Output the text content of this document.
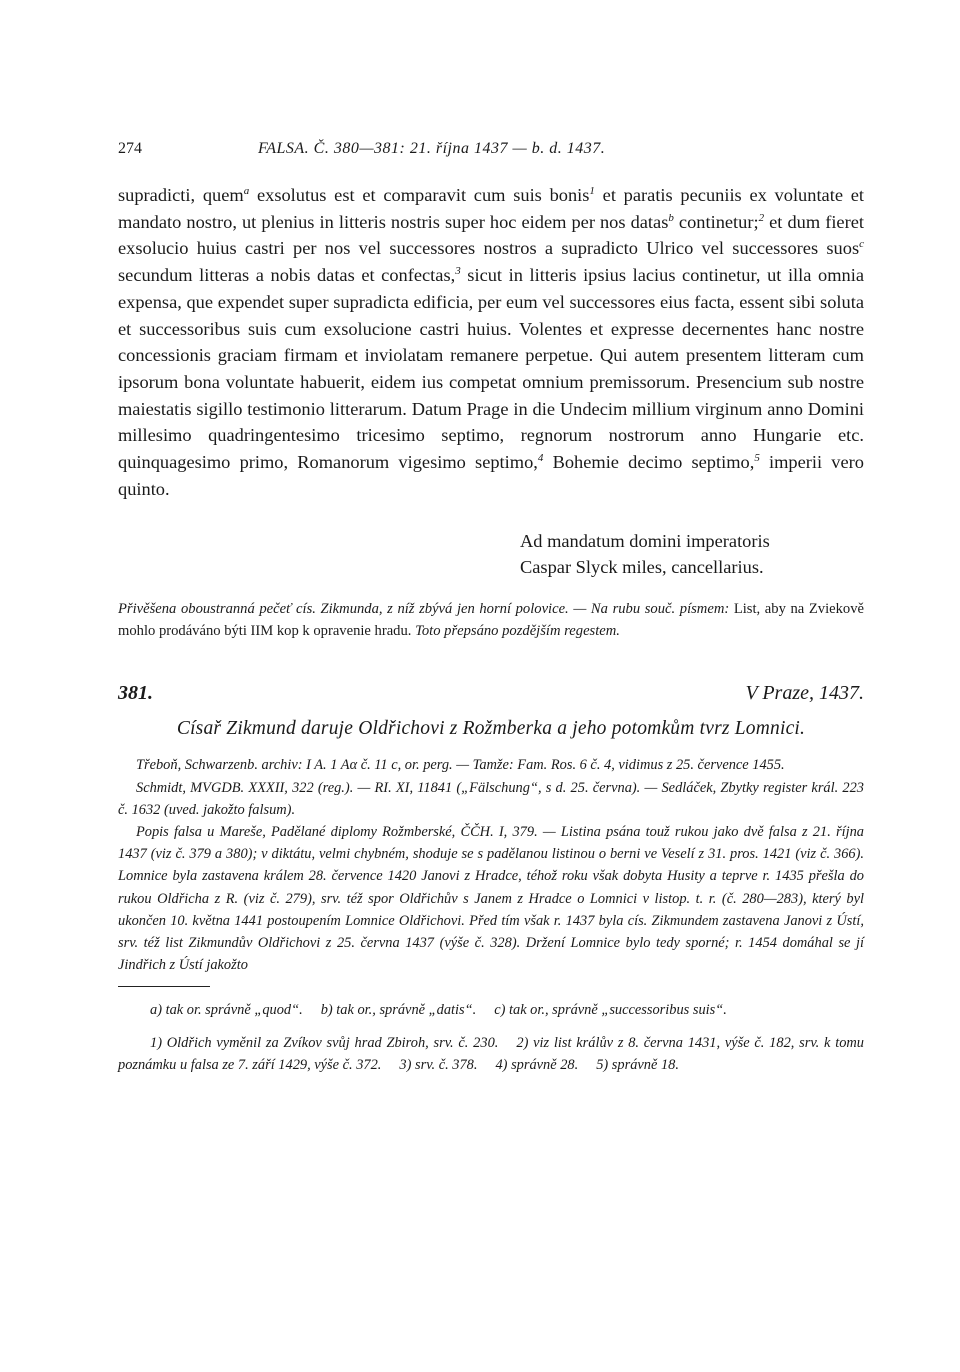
274	FALSA. Č. 380—381: 21. října 1437 — b. d. 1437.

supradicti, quem$^a$ exsolutus est et comparavit cum suis bonis$^1$ et paratis pecuniis ex voluntate et mandato nostro, ut plenius in litteris nostris super hoc eidem per nos datas$^b$ continetur;$^2$ et dum fieret exsolucio huius castri per nos vel successores nostros a supradicto Ulrico vel successores suos$^c$ secundum litteras a nobis datas et confectas,$^3$ sicut in litteris ipsius lacius continetur, ut illa omnia expensa, que expendet super supradicta edificia, per eum vel successores eius facta, essent sibi soluta et successoribus suis cum exsolucione castri huius. Volentes et expresse decernentes hanc nostre concessionis graciam firmam et inviolatam remanere perpetue. Qui autem presentem litteram cum ipsorum bona voluntate habuerit, eidem ius competat omnium premissorum. Presencium sub nostre maiestatis sigillo testimonio litterarum. Datum Prage in die Undecim millium virginum anno Domini millesimo quadringentesimo tricesimo septimo, regnorum nostrorum anno Hungarie etc. quinquagesimo primo, Romanorum vigesimo septimo,$^4$ Bohemie decimo septimo,$^5$ imperii vero quinto.

Ad mandatum domini imperatoris
Caspar Slyck miles, cancellarius.
Přivěšena oboustranná pečeť cís. Zikmunda, z níž zbývá jen horní polovice. — Na rubu souč. písmem: List, aby na Zviekově mohlo prodáváno býti IIM kop k opravenie hradu. Toto přepsáno pozdějším regestem.
381.	V Praze, 1437.
Císař Zikmund daruje Oldřichovi z Rožmberka a jeho potomkům tvrz Lomnici.

Třeboň, Schwarzenb. archiv: I A. 1 Aα č. 11 c, or. perg. — Tamže: Fam. Ros. 6 č. 4, vidimus z 25. července 1455.

Schmidt, MVGDB. XXXII, 322 (reg.). — RI. XI, 11841 („Fälschung“, s d. 25. června). — Sedláček, Zbytky register král. 223 č. 1632 (uved. jakožto falsum).

Popis falsa u Mareše, Padělané diplomy Rožmberské, ČČH. I, 379. — Listina psána touž rukou jako dvě falsa z 21. října 1437 (viz č. 379 a 380); v diktátu, velmi chybném, shoduje se s padělanou listinou o berni ve Veselí z 31. pros. 1421 (viz č. 366). Lomnice byla zastavena králem 28. července 1420 Janovi z Hradce, téhož roku však dobyta Husity a teprve r. 1435 přešla do rukou Oldřicha z R. (viz č. 279), srv. též spor Oldřichův s Janem z Hradce o Lomnici v listop. t. r. (č. 280—283), který byl ukončen 10. května 1441 postoupením Lomnice Oldřichovi. Před tím však r. 1437 byla cís. Zikmundem zastavena Janovi z Ústí, srv. též list Zikmundův Oldřichovi z 25. června 1437 (výše č. 328). Držení Lomnice bylo tedy sporné; r. 1454 domáhal se jí Jindřich z Ústí jakožto

a) tak or. správně „quod“. b) tak or., správně „datis“. c) tak or., správně „successoribus suis“.

1) Oldřich vyměnil za Zvíkov svůj hrad Zbiroh, srv. č. 230. 2) viz list králův z 8. června 1431, výše č. 182, srv. k tomu poznámku u falsa ze 7. září 1429, výše č. 372. 3) srv. č. 378. 4) správně 28. 5) správně 18.
